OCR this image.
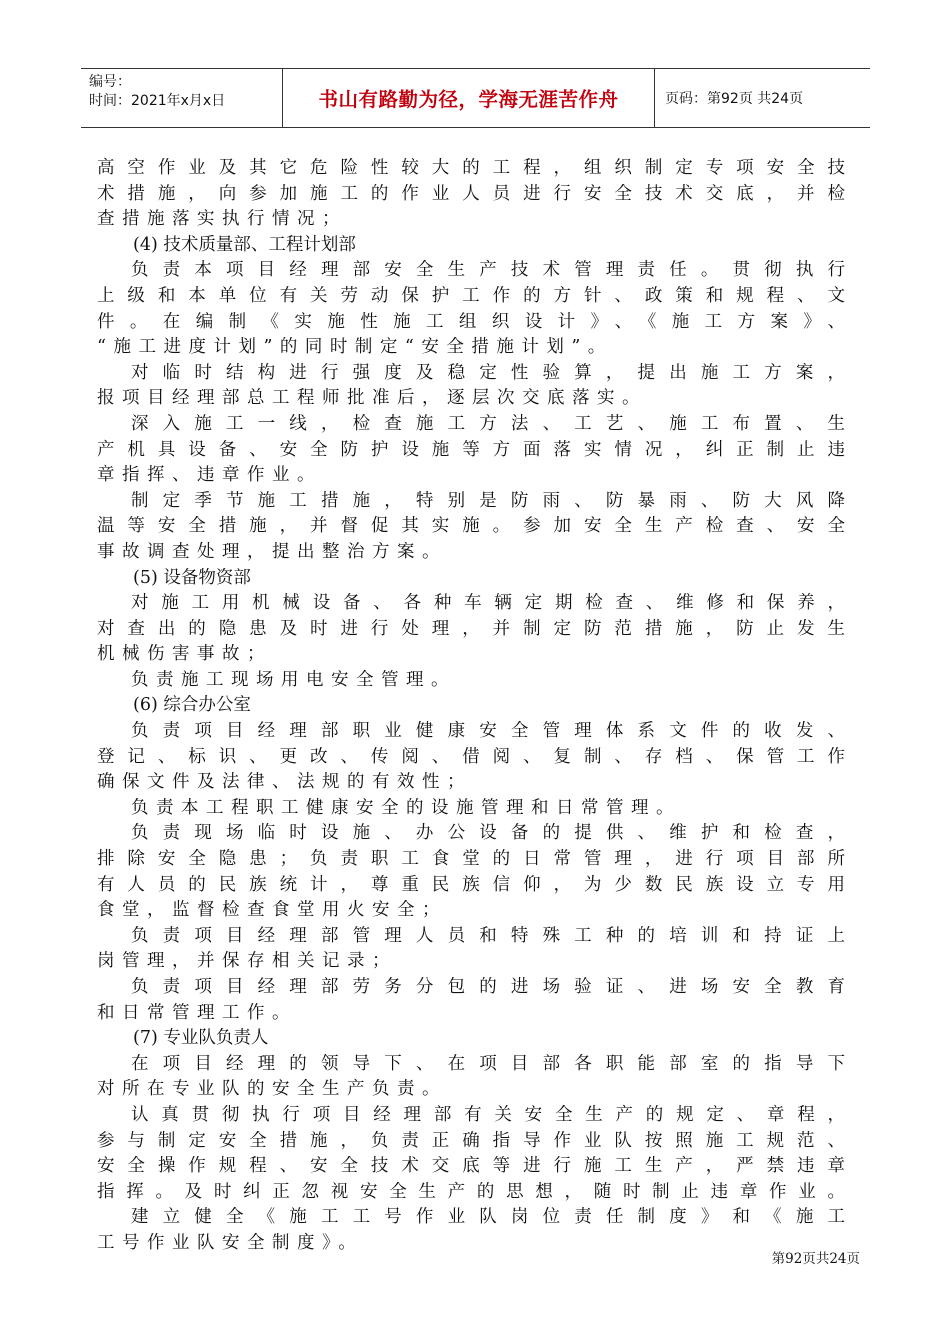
编号：
时间：2021年x月x日	书山有路勤为径，学海无涯苦作舟	页码：第92页 共24页
高空作业及其它危险性较大的工程，组织制定专项安全技
术措施，向参加施工的作业人员进行安全技术交底，并检
查措施落实执行情况；
(4) 技术质量部、工程计划部
负责本项目经理部安全生产技术管理责任。贯彻执行
上级和本单位有关劳动保护工作的方针、政策和规程、文
件。在编制《实施性施工组织设计》、《施工方案》、
“施工进度计划”的同时制定“安全措施计划”。
对临时结构进行强度及稳定性验算，提出施工方案，
报项目经理部总工程师批准后，逐层次交底落实。
深入施工一线，检查施工方法、工艺、施工布置、生
产机具设备、安全防护设施等方面落实情况，纠正制止违
章指挥、违章作业。
制定季节施工措施，特别是防雨、防暴雨、防大风降
温等安全措施，并督促其实施。参加安全生产检查、安全
事故调查处理，提出整治方案。
(5) 设备物资部
对施工用机械设备、各种车辆定期检查、维修和保养，
对查出的隐患及时进行处理，并制定防范措施，防止发生
机械伤害事故；
负责施工现场用电安全管理。
(6) 综合办公室
负责项目经理部职业健康安全管理体系文件的收发、
登记、标识、更改、传阅、借阅、复制、存档、保管工作
确保文件及法律、法规的有效性；
负责本工程职工健康安全的设施管理和日常管理。
负责现场临时设施、办公设备的提供、维护和检查，
排除安全隐患；负责职工食堂的日常管理，进行项目部所
有人员的民族统计，尊重民族信仰，为少数民族设立专用
食堂，监督检查食堂用火安全；
负责项目经理部管理人员和特殊工种的培训和持证上
岗管理，并保存相关记录；
负责项目经理部劳务分包的进场验证、进场安全教育
和日常管理工作。
(7) 专业队负责人
在项目经理的领导下、在项目部各职能部室的指导下
对所在专业队的安全生产负责。
认真贯彻执行项目经理部有关安全生产的规定、章程，
参与制定安全措施，负责正确指导作业队按照施工规范、
安全操作规程、安全技术交底等进行施工生产，严禁违章
指挥。及时纠正忽视安全生产的思想，随时制止违章作业。
建立健全《施工工号作业队岗位责任制度》和《施工
工号作业队安全制度》。
第92页共24页
